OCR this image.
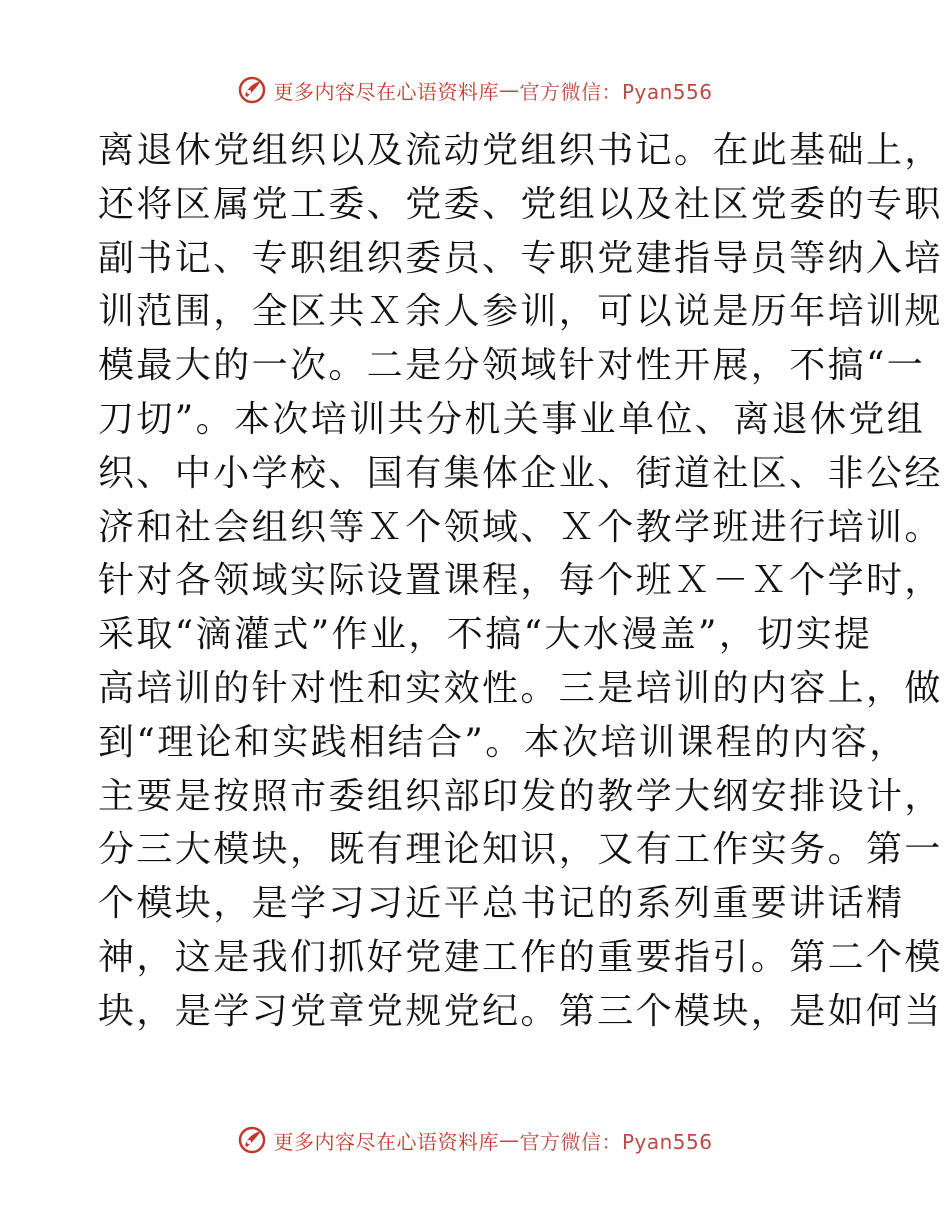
更多内容尽在心语资料库 — 官方微信：Pyan556
离退休党组织以及流动党组织书记。在此基础上，
还将区属党工委、党委、党组以及社区党委的专职
副书记、专职组织委员、专职党建指导员等纳入培
训范围，全区共Ｘ余人参训，可以说是历年培训规
模最大的一次。二是分领域针对性开展，不搞“一
刀切”。本次培训共分机关事业单位、离退休党组
织、中小学校、国有集体企业、街道社区、非公经
济和社会组织等Ｘ个领域、Ｘ个教学班进行培训。
针对各领域实际设置课程，每个班Ｘ－Ｘ个学时，
采取“滴灌式”作业，不搞“大水漫盖”，切实提
高培训的针对性和实效性。三是培训的内容上，做
到“理论和实践相结合”。本次培训课程的内容，
主要是按照市委组织部印发的教学大纲安排设计，
分三大模块，既有理论知识，又有工作实务。第一
个模块，是学习习近平总书记的系列重要讲话精
神，这是我们抓好党建工作的重要指引。第二个模
块，是学习党章党规党纪。第三个模块，是如何当
更多内容尽在心语资料库 — 官方微信：Pyan556
